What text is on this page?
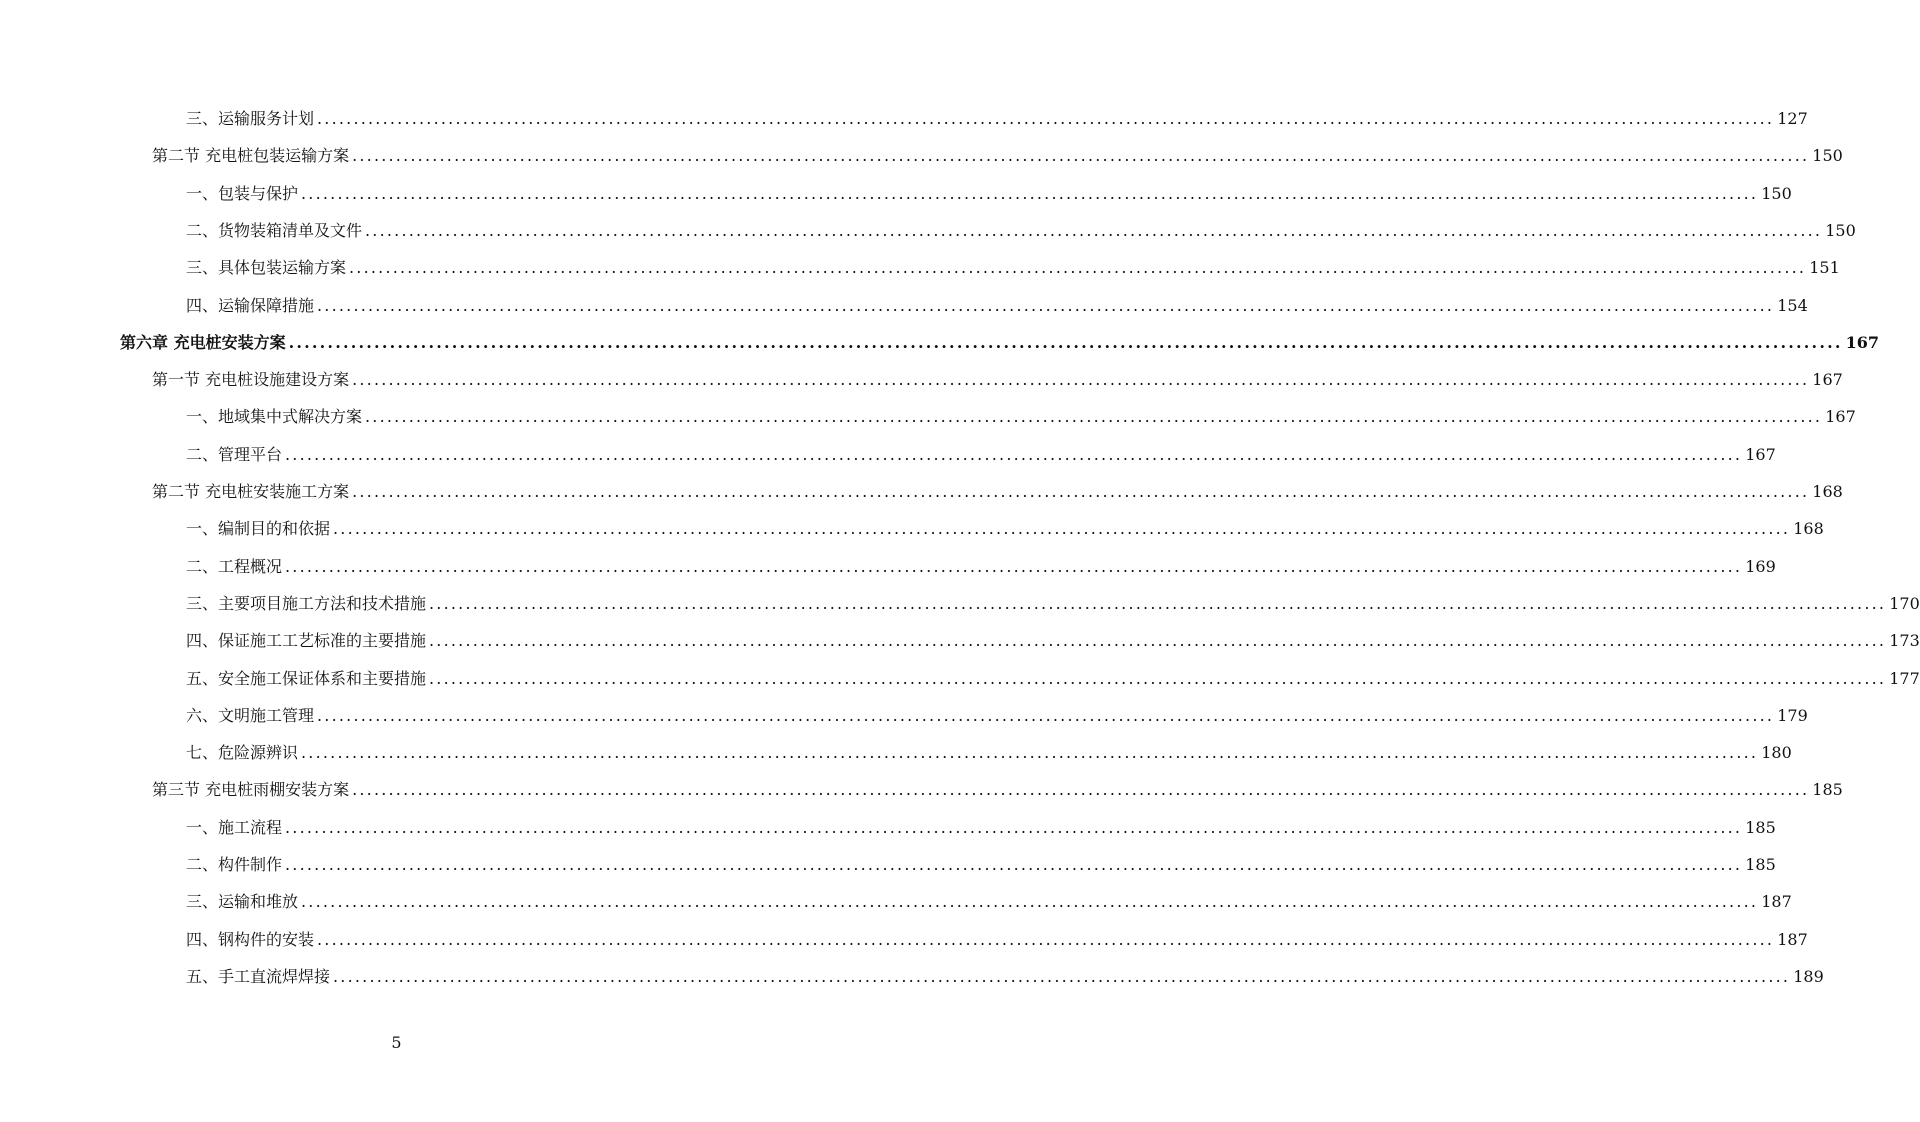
三、运输服务计划 ........................................................................................................................................................................................................ 127
第二节 充电桩包装运输方案 ........................................................................................................................................................................................................ 150
一、包装与保护 ........................................................................................................................................................................................................ 150
二、货物装箱清单及文件 ........................................................................................................................................................................................................ 150
三、具体包装运输方案 ........................................................................................................................................................................................................ 151
四、运输保障措施 ........................................................................................................................................................................................................ 154
第六章 充电桩安装方案 ........................................................................................................................................................................................................ 167
第一节 充电桩设施建设方案 ........................................................................................................................................................................................................ 167
一、地域集中式解决方案 ........................................................................................................................................................................................................ 167
二、管理平台 ........................................................................................................................................................................................................ 167
第二节 充电桩安装施工方案 ........................................................................................................................................................................................................ 168
一、编制目的和依据 ........................................................................................................................................................................................................ 168
二、工程概况 ........................................................................................................................................................................................................ 169
三、主要项目施工方法和技术措施 ........................................................................................................................................................................................................ 170
四、保证施工工艺标准的主要措施 ........................................................................................................................................................................................................ 173
五、安全施工保证体系和主要措施 ........................................................................................................................................................................................................ 177
六、文明施工管理 ........................................................................................................................................................................................................ 179
七、危险源辨识 ........................................................................................................................................................................................................ 180
第三节 充电桩雨棚安装方案 ........................................................................................................................................................................................................ 185
一、施工流程 ........................................................................................................................................................................................................ 185
二、构件制作 ........................................................................................................................................................................................................ 185
三、运输和堆放 ........................................................................................................................................................................................................ 187
四、钢构件的安装 ........................................................................................................................................................................................................ 187
五、手工直流焊焊接 ........................................................................................................................................................................................................ 189
5
